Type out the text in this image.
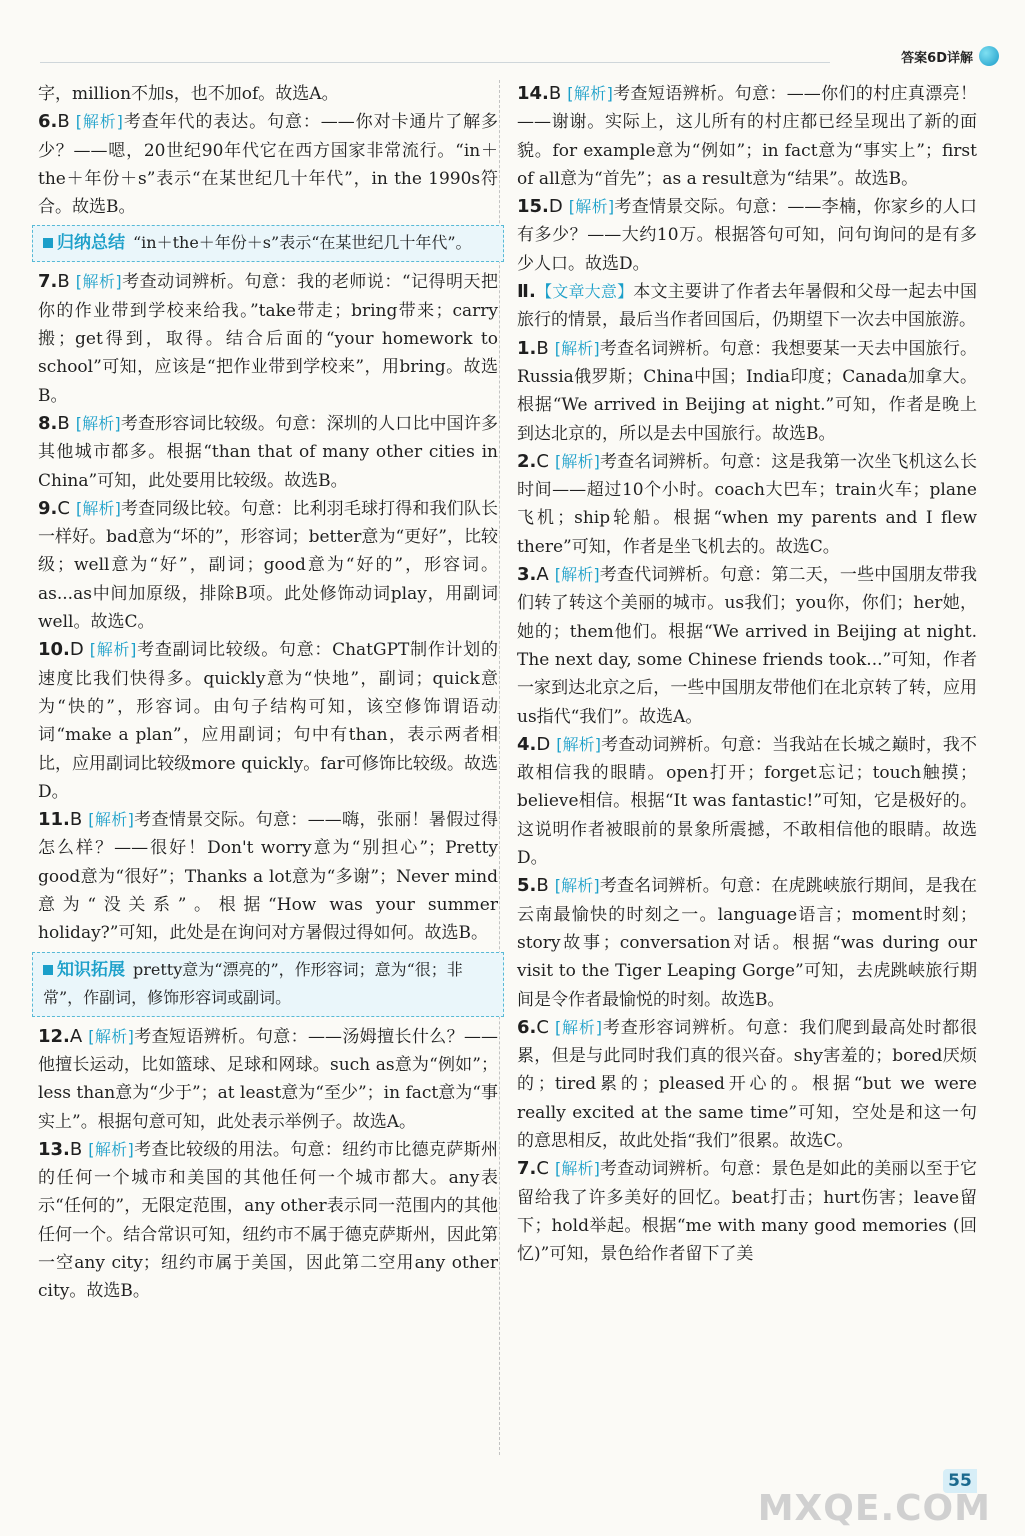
答案6D详解
字，million不加s，也不加of。故选A。
6.B [解析]考查年代的表达。句意：——你对卡通片了解多少？——嗯，20世纪90年代它在西方国家非常流行。“in＋the＋年份＋s”表示“在某世纪几十年代”，in the 1990s符合。故选B。
归纳总结 “in＋the＋年份＋s”表示“在某世纪几十年代”。
7.B [解析]考查动词辨析。句意：我的老师说：“记得明天把你的作业带到学校来给我。”take带走；bring带来；carry搬；get得到，取得。结合后面的“your homework to school”可知，应该是“把作业带到学校来”，用bring。故选B。
8.B [解析]考查形容词比较级。句意：深圳的人口比中国许多其他城市都多。根据“than that of many other cities in China”可知，此处要用比较级。故选B。
9.C [解析]考查同级比较。句意：比利羽毛球打得和我们队长一样好。bad意为“坏的”，形容词；better意为“更好”，比较级；well意为“好”，副词；good意为“好的”，形容词。as...as中间加原级，排除B项。此处修饰动词play，用副词well。故选C。
10.D [解析]考查副词比较级。句意：ChatGPT制作计划的速度比我们快得多。quickly意为“快地”，副词；quick意为“快的”，形容词。由句子结构可知，该空修饰谓语动词“make a plan”，应用副词；句中有than，表示两者相比，应用副词比较级more quickly。far可修饰比较级。故选D。
11.B [解析]考查情景交际。句意：——嗨，张丽！暑假过得怎么样？——很好！Don't worry意为“别担心”；Pretty good意为“很好”；Thanks a lot意为“多谢”；Never mind意为“没关系”。根据“How was your summer holiday?”可知，此处是在询问对方暑假过得如何。故选B。
知识拓展 pretty意为“漂亮的”，作形容词；意为“很；非常”，作副词，修饰形容词或副词。
12.A [解析]考查短语辨析。句意：——汤姆擅长什么？——他擅长运动，比如篮球、足球和网球。such as意为“例如”；less than意为“少于”；at least意为“至少”；in fact意为“事实上”。根据句意可知，此处表示举例子。故选A。
13.B [解析]考查比较级的用法。句意：纽约市比德克萨斯州的任何一个城市和美国的其他任何一个城市都大。any表示“任何的”，无限定范围，any other表示同一范围内的其他任何一个。结合常识可知，纽约市不属于德克萨斯州，因此第一空any city；纽约市属于美国，因此第二空用any other city。故选B。
14.B [解析]考查短语辨析。句意：——你们的村庄真漂亮！——谢谢。实际上，这儿所有的村庄都已经呈现出了新的面貌。for example意为“例如”；in fact意为“事实上”；first of all意为“首先”；as a result意为“结果”。故选B。
15.D [解析]考查情景交际。句意：——李楠，你家乡的人口有多少？——大约10万。根据答句可知，问句询问的是有多少人口。故选D。
Ⅱ.【文章大意】本文主要讲了作者去年暑假和父母一起去中国旅行的情景，最后当作者回国后，仍期望下一次去中国旅游。
1.B [解析]考查名词辨析。句意：我想要某一天去中国旅行。Russia俄罗斯；China中国；India印度；Canada加拿大。根据“We arrived in Beijing at night.”可知，作者是晚上到达北京的，所以是去中国旅行。故选B。
2.C [解析]考查名词辨析。句意：这是我第一次坐飞机这么长时间——超过10个小时。coach大巴车；train火车；plane飞机；ship轮船。根据“when my parents and I flew there”可知，作者是坐飞机去的。故选C。
3.A [解析]考查代词辨析。句意：第二天，一些中国朋友带我们转了转这个美丽的城市。us我们；you你，你们；her她，她的；them他们。根据“We arrived in Beijing at night. The next day, some Chinese friends took...”可知，作者一家到达北京之后，一些中国朋友带他们在北京转了转，应用us指代“我们”。故选A。
4.D [解析]考查动词辨析。句意：当我站在长城之巅时，我不敢相信我的眼睛。open打开；forget忘记；touch触摸；believe相信。根据“It was fantastic!”可知，它是极好的。这说明作者被眼前的景象所震撼，不敢相信他的眼睛。故选D。
5.B [解析]考查名词辨析。句意：在虎跳峡旅行期间，是我在云南最愉快的时刻之一。language语言；moment时刻；story故事；conversation对话。根据“was during our visit to the Tiger Leaping Gorge”可知，去虎跳峡旅行期间是令作者最愉悦的时刻。故选B。
6.C [解析]考查形容词辨析。句意：我们爬到最高处时都很累，但是与此同时我们真的很兴奋。shy害羞的；bored厌烦的；tired累的；pleased开心的。根据“but we were really excited at the same time”可知，空处是和这一句的意思相反，故此处指“我们”很累。故选C。
7.C [解析]考查动词辨析。句意：景色是如此的美丽以至于它留给我了许多美好的回忆。beat打击；hurt伤害；leave留下；hold举起。根据“me with many good memories (回忆)”可知，景色给作者留下了美
55
MXQE.COM
